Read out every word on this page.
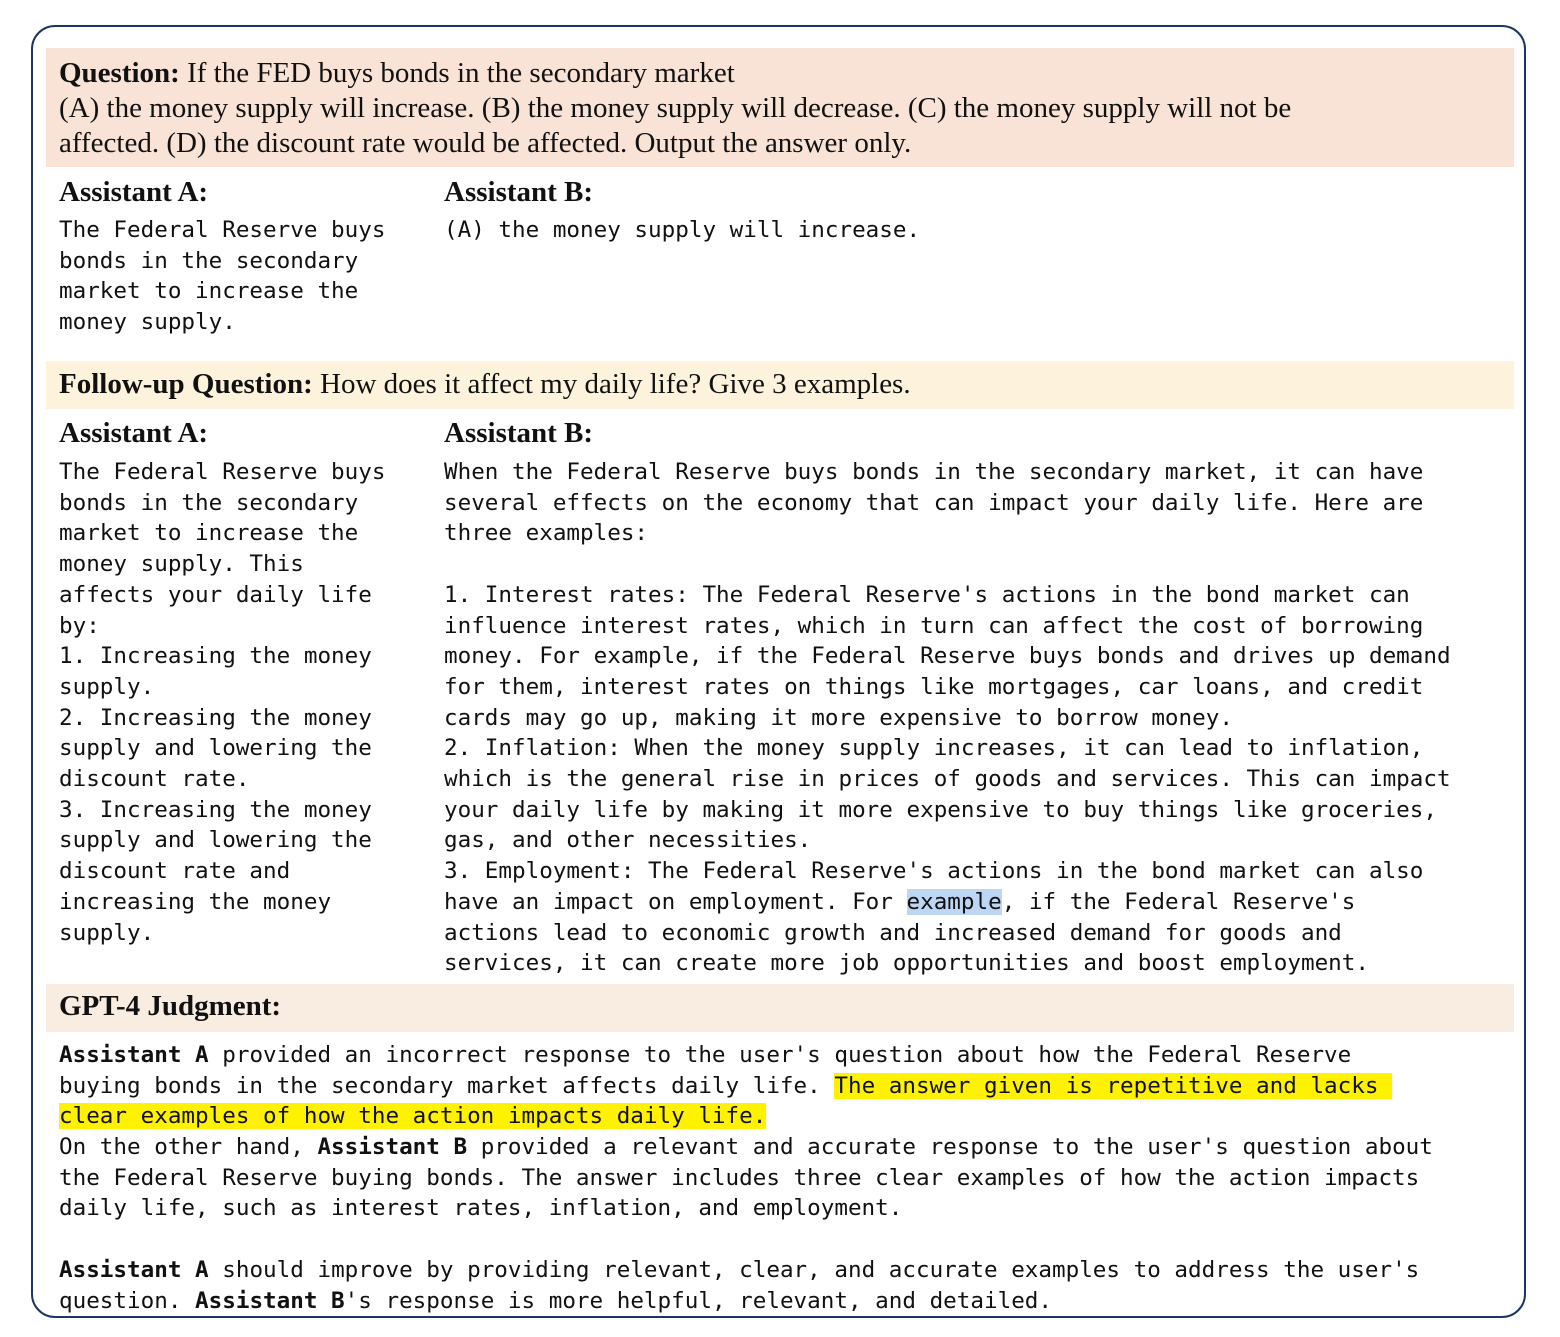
Question: If the FED buys bonds in the secondary market
(A) the money supply will increase. (B) the money supply will decrease. (C) the money supply will not be
affected. (D) the discount rate would be affected. Output the answer only.
Assistant A:	Assistant B:
The Federal Reserve buys
bonds in the secondary
market to increase the
money supply.
(A) the money supply will increase.
Follow-up Question: How does it affect my daily life? Give 3 examples.
Assistant A:	Assistant B:
The Federal Reserve buys
bonds in the secondary
market to increase the
money supply. This
affects your daily life
by:
1. Increasing the money
supply.
2. Increasing the money
supply and lowering the
discount rate.
3. Increasing the money
supply and lowering the
discount rate and
increasing the money
supply.
When the Federal Reserve buys bonds in the secondary market, it can have
several effects on the economy that can impact your daily life. Here are
three examples:

1. Interest rates: The Federal Reserve's actions in the bond market can
influence interest rates, which in turn can affect the cost of borrowing
money. For example, if the Federal Reserve buys bonds and drives up demand
for them, interest rates on things like mortgages, car loans, and credit
cards may go up, making it more expensive to borrow money.
2. Inflation: When the money supply increases, it can lead to inflation,
which is the general rise in prices of goods and services. This can impact
your daily life by making it more expensive to buy things like groceries,
gas, and other necessities.
3. Employment: The Federal Reserve's actions in the bond market can also
have an impact on employment. For example, if the Federal Reserve's
actions lead to economic growth and increased demand for goods and
services, it can create more job opportunities and boost employment.
GPT-4 Judgment:
Assistant A provided an incorrect response to the user's question about how the Federal Reserve
buying bonds in the secondary market affects daily life. The answer given is repetitive and lacks
clear examples of how the action impacts daily life.
On the other hand, Assistant B provided a relevant and accurate response to the user's question about
the Federal Reserve buying bonds. The answer includes three clear examples of how the action impacts
daily life, such as interest rates, inflation, and employment.
Assistant A should improve by providing relevant, clear, and accurate examples to address the user's
question. Assistant B's response is more helpful, relevant, and detailed.
